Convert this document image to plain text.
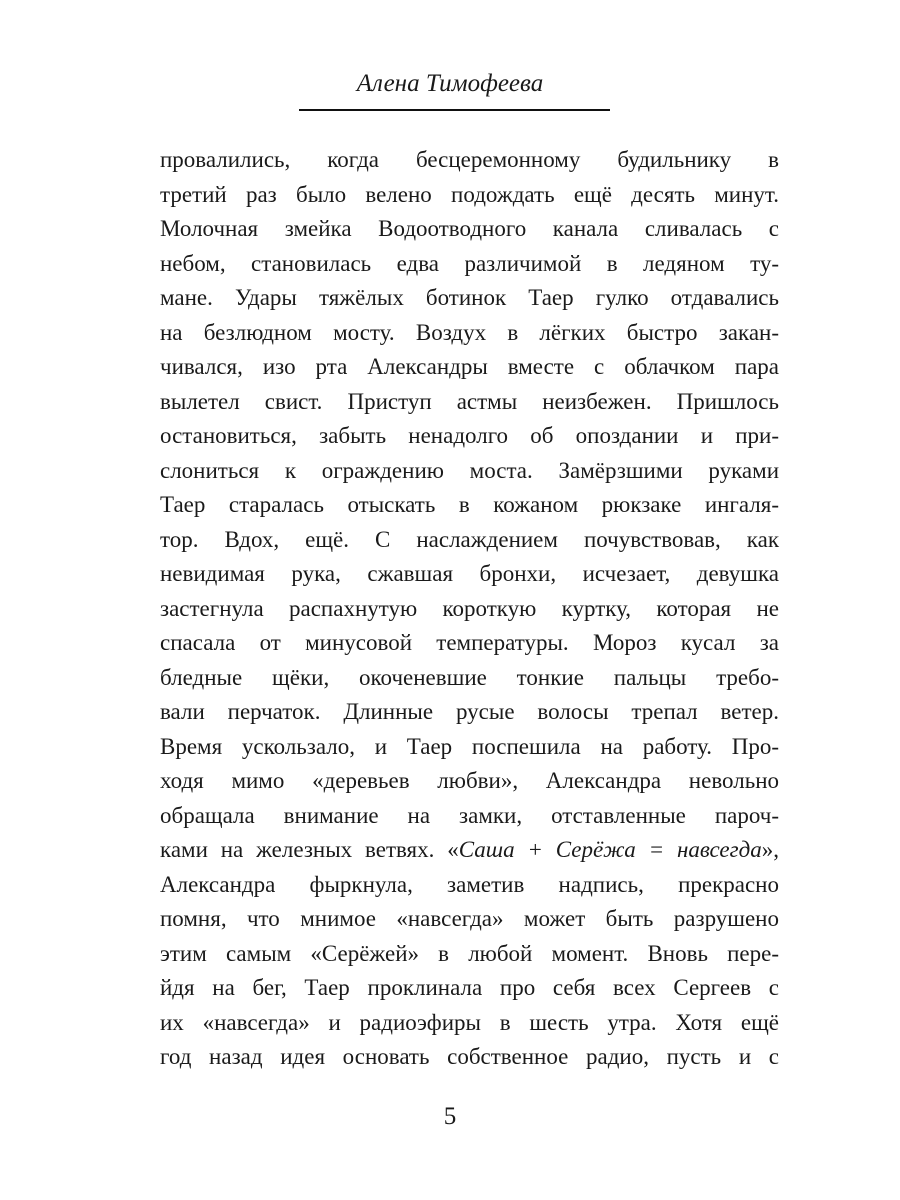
Алена Тимофеева
провалились, когда бесцеремонному будильнику в
третий раз было велено подождать ещё десять минут.
Молочная змейка Водоотводного канала сливалась с
небом, становилась едва различимой в ледяном ту-
мане. Удары тяжёлых ботинок Таер гулко отдавались
на безлюдном мосту. Воздух в лёгких быстро закан-
чивался, изо рта Александры вместе с облачком пара
вылетел свист. Приступ астмы неизбежен. Пришлось
остановиться, забыть ненадолго об опоздании и при-
слониться к ограждению моста. Замёрзшими руками
Таер старалась отыскать в кожаном рюкзаке ингаля-
тор. Вдох, ещё. С наслаждением почувствовав, как
невидимая рука, сжавшая бронхи, исчезает, девушка
застегнула распахнутую короткую куртку, которая не
спасала от минусовой температуры. Мороз кусал за
бледные щёки, окоченевшие тонкие пальцы требо-
вали перчаток. Длинные русые волосы трепал ветер.
Время ускользало, и Таер поспешила на работу. Про-
ходя мимо «деревьев любви», Александра невольно
обращала внимание на замки, отставленные пароч-
ками на железных ветвях. «Саша + Серёжа = навсегда»,
Александра фыркнула, заметив надпись, прекрасно
помня, что мнимое «навсегда» может быть разрушено
этим самым «Серёжей» в любой момент. Вновь пере-
йдя на бег, Таер проклинала про себя всех Сергеев с
их «навсегда» и радиоэфиры в шесть утра. Хотя ещё
год назад идея основать собственное радио, пусть и с
5
